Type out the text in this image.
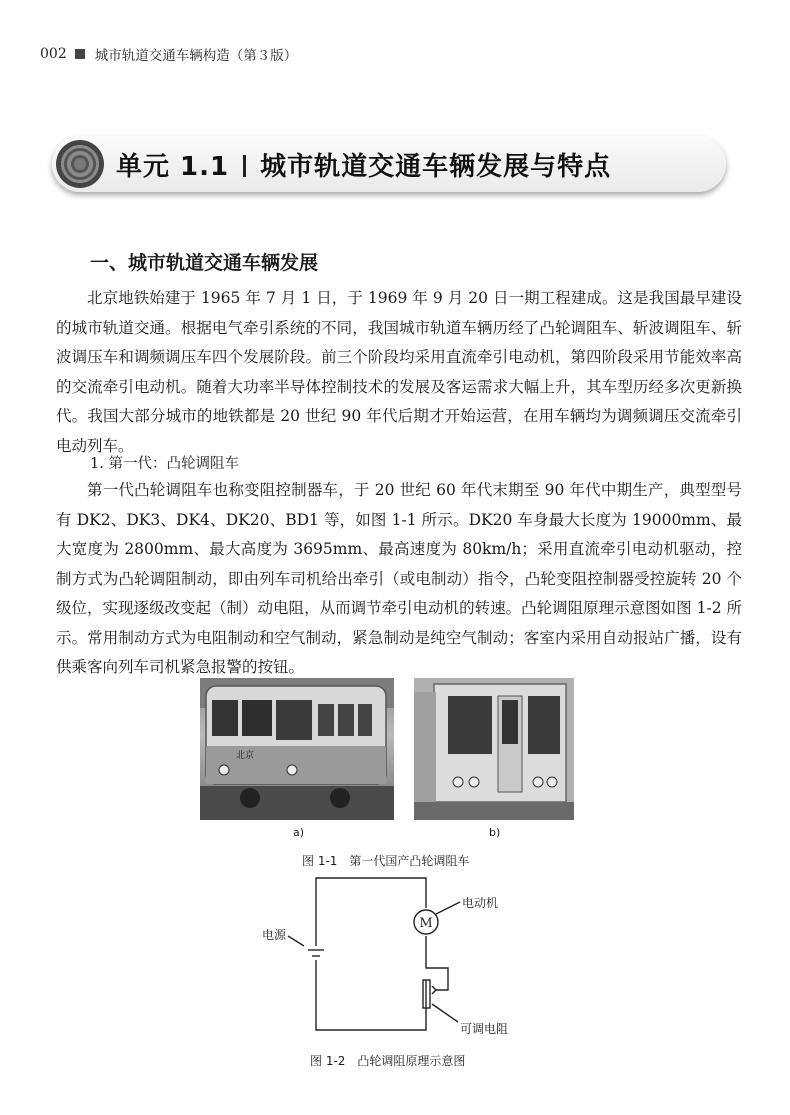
002 城市轨道交通车辆构造（第３版）
单元 1.1 城市轨道交通车辆发展与特点
一、城市轨道交通车辆发展

北京地铁始建于 1965 年 7 月 1 日，于 1969 年 9 月 20 日一期工程建成。这是我国最早建设的城市轨道交通。根据电气牵引系统的不同，我国城市轨道车辆历经了凸轮调阻车、斩波调阻车、斩波调压车和调频调压车四个发展阶段。前三个阶段均采用直流牵引电动机，第四阶段采用节能效率高的交流牵引电动机。随着大功率半导体控制技术的发展及客运需求大幅上升，其车型历经多次更新换代。我国大部分城市的地铁都是 20 世纪 90 年代后期才开始运营，在用车辆均为调频调压交流牵引电动列车。

1. 第一代：凸轮调阻车

第一代凸轮调阻车也称变阻控制器车，于 20 世纪 60 年代末期至 90 年代中期生产，典型型号有 DK2、DK3、DK4、DK20、BD1 等，如图 1-1 所示。DK20 车身最大长度为 19000mm、最大宽度为 2800mm、最大高度为 3695mm、最高速度为 80km/h；采用直流牵引电动机驱动，控制方式为凸轮调阻制动，即由列车司机给出牵引（或电制动）指令，凸轮变阻控制器受控旋转 20 个级位，实现逐级改变起（制）动电阻，从而调节牵引电动机的转速。凸轮调阻原理示意图如图 1-2 所示。常用制动方式为电阻制动和空气制动，紧急制动是纯空气制动；客室内采用自动报站广播，设有供乘客向列车司机紧急报警的按钮。

北京
a)	b)
图 1-1　第一代国产凸轮调阻车
M
电动机
电源
可调电阻
图 1-2　凸轮调阻原理示意图
